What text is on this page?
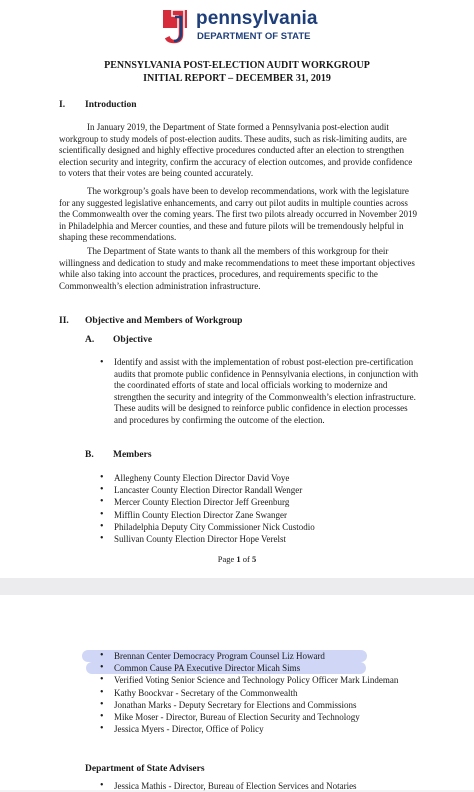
pennsylvania
DEPARTMENT OF STATE
PENNSYLVANIA POST-ELECTION AUDIT WORKGROUP
INITIAL REPORT – DECEMBER 31, 2019
I. Introduction
In January 2019, the Department of State formed a Pennsylvania post-election audit workgroup to study models of post-election audits. These audits, such as risk-limiting audits, are scientifically designed and highly effective procedures conducted after an election to strengthen election security and integrity, confirm the accuracy of election outcomes, and provide confidence to voters that their votes are being counted accurately.
The workgroup’s goals have been to develop recommendations, work with the legislature for any suggested legislative enhancements, and carry out pilot audits in multiple counties across the Commonwealth over the coming years. The first two pilots already occurred in November 2019 in Philadelphia and Mercer counties, and these and future pilots will be tremendously helpful in shaping these recommendations.
The Department of State wants to thank all the members of this workgroup for their willingness and dedication to study and make recommendations to meet these important objectives while also taking into account the practices, procedures, and requirements specific to the Commonwealth’s election administration infrastructure.
II. Objective and Members of Workgroup
A. Objective
• Identify and assist with the implementation of robust post-election pre-certification audits that promote public confidence in Pennsylvania elections, in conjunction with the coordinated efforts of state and local officials working to modernize and strengthen the security and integrity of the Commonwealth’s election infrastructure. These audits will be designed to reinforce public confidence in election processes and procedures by confirming the outcome of the election.
B. Members
• Allegheny County Election Director David Voye
• Lancaster County Election Director Randall Wenger
• Mercer County Election Director Jeff Greenburg
• Mifflin County Election Director Zane Swanger
• Philadelphia Deputy City Commissioner Nick Custodio
• Sullivan County Election Director Hope Verelst
Page 1 of 5
• Brennan Center Democracy Program Counsel Liz Howard
• Common Cause PA Executive Director Micah Sims
• Verified Voting Senior Science and Technology Policy Officer Mark Lindeman
• Kathy Boockvar - Secretary of the Commonwealth
• Jonathan Marks - Deputy Secretary for Elections and Commissions
• Mike Moser - Director, Bureau of Election Security and Technology
• Jessica Myers - Director, Office of Policy
Department of State Advisers
• Jessica Mathis - Director, Bureau of Election Services and Notaries
